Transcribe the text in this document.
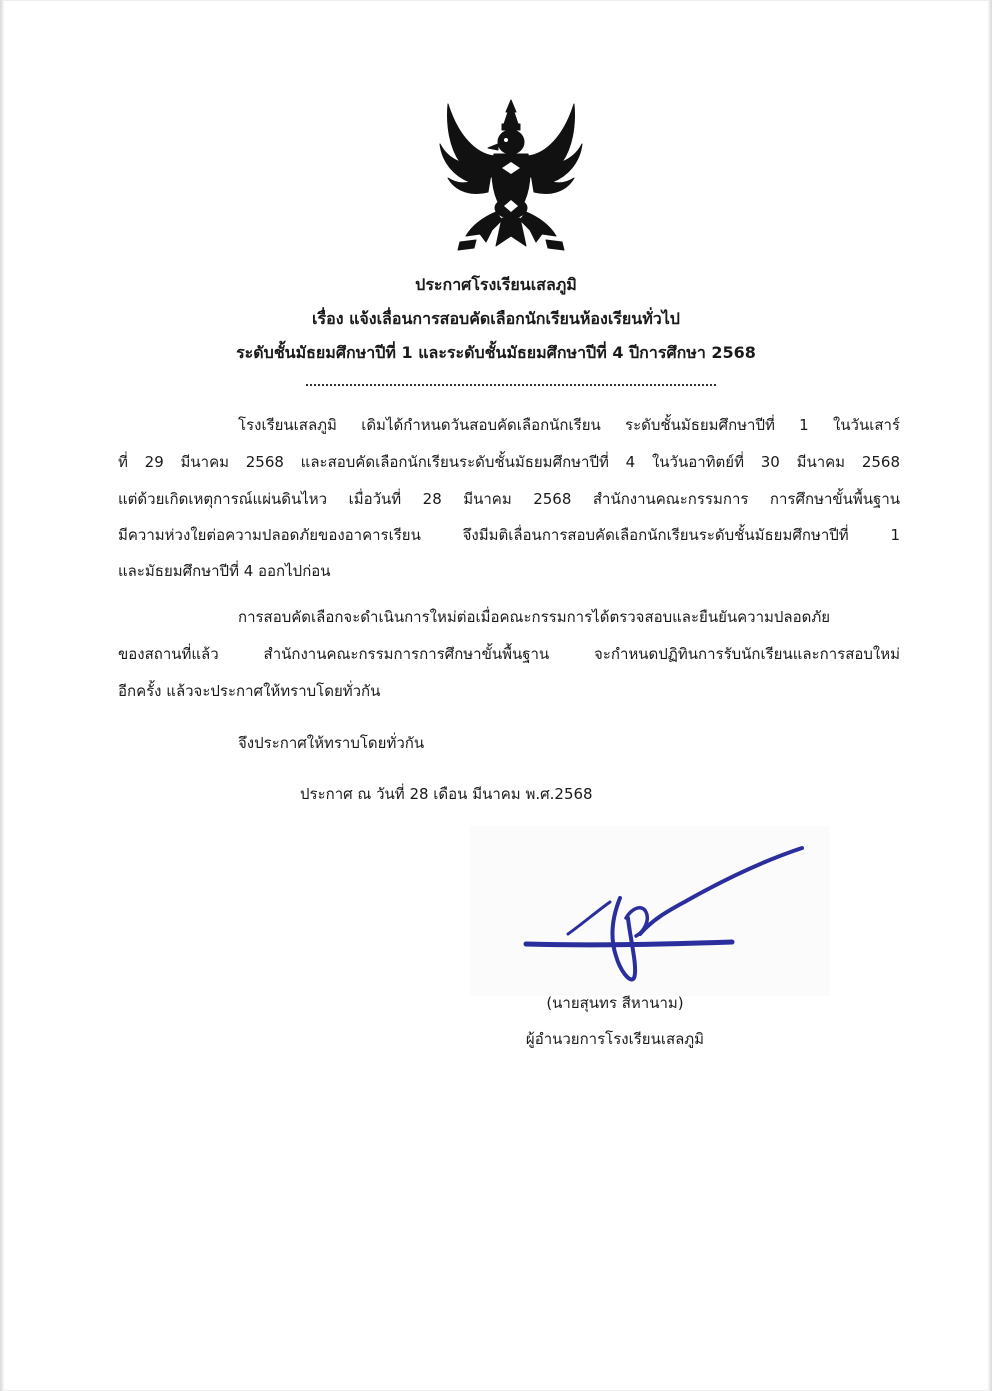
ประกาศโรงเรียนเสลภูมิ
เรื่อง แจ้งเลื่อนการสอบคัดเลือกนักเรียนห้องเรียนทั่วไป
ระดับชั้นมัธยมศึกษาปีที่ 1 และระดับชั้นมัธยมศึกษาปีที่ 4 ปีการศึกษา 2568
โรงเรียนเสลภูมิ เดิมได้กำหนดวันสอบคัดเลือกนักเรียน ระดับชั้นมัธยมศึกษาปีที่ 1 ในวันเสาร์
ที่ 29 มีนาคม 2568 และสอบคัดเลือกนักเรียนระดับชั้นมัธยมศึกษาปีที่ 4 ในวันอาทิตย์ที่ 30 มีนาคม 2568
แต่ด้วยเกิดเหตุการณ์แผ่นดินไหว เมื่อวันที่ 28 มีนาคม 2568 สำนักงานคณะกรรมการ การศึกษาขั้นพื้นฐาน
มีความห่วงใยต่อความปลอดภัยของอาคารเรียน จึงมีมติเลื่อนการสอบคัดเลือกนักเรียนระดับชั้นมัธยมศึกษาปีที่ 1
และมัธยมศึกษาปีที่ 4 ออกไปก่อน
การสอบคัดเลือกจะดำเนินการใหม่ต่อเมื่อคณะกรรมการได้ตรวจสอบและยืนยันความปลอดภัย
ของสถานที่แล้ว สำนักงานคณะกรรมการการศึกษาขั้นพื้นฐาน จะกำหนดปฏิทินการรับนักเรียนและการสอบใหม่
อีกครั้ง แล้วจะประกาศให้ทราบโดยทั่วกัน
จึงประกาศให้ทราบโดยทั่วกัน
ประกาศ ณ วันที่ 28 เดือน มีนาคม พ.ศ.2568
(นายสุนทร สีหานาม)
ผู้อำนวยการโรงเรียนเสลภูมิ
